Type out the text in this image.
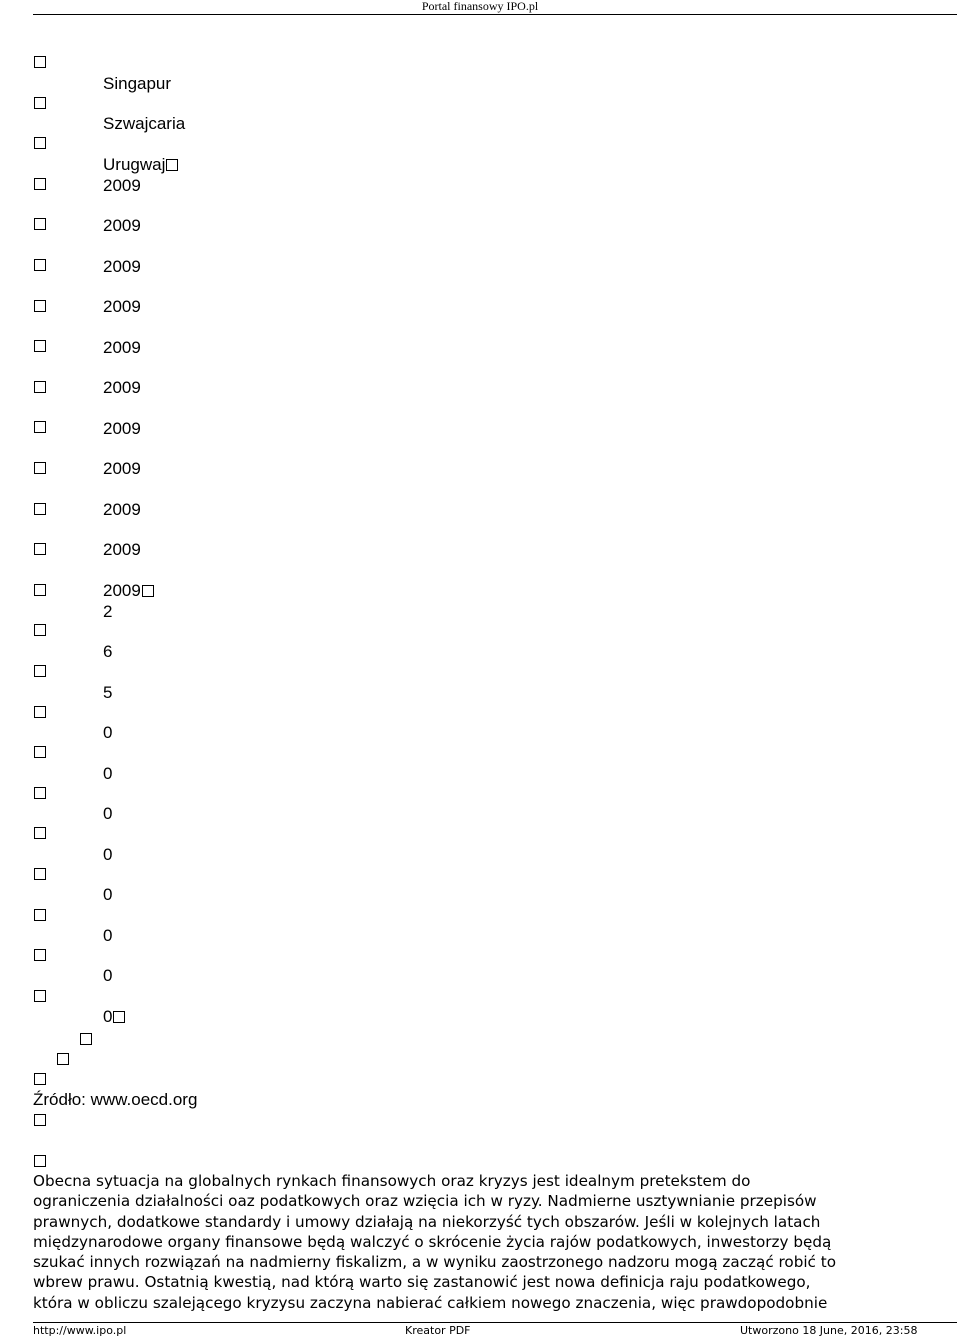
Portal finansowy IPO.pl
Singapur
Szwajcaria
Urugwaj
2009
2009
2009
2009
2009
2009
2009
2009
2009
2009
2009
2
6
5
0
0
0
0
0
0
0
0
Źródło: www.oecd.org
Obecna sytuacja na globalnych rynkach finansowych oraz kryzys jest idealnym pretekstem do
ograniczenia działalności oaz podatkowych oraz wzięcia ich w ryzy. Nadmierne usztywnianie przepisów
prawnych, dodatkowe standardy i umowy działają na niekorzyść tych obszarów. Jeśli w kolejnych latach
międzynarodowe organy finansowe będą walczyć o skrócenie życia rajów podatkowych, inwestorzy będą
szukać innych rozwiązań na nadmierny fiskalizm, a w wyniku zaostrzonego nadzoru mogą zacząć robić to
wbrew prawu. Ostatnią kwestią, nad którą warto się zastanowić jest nowa definicja raju podatkowego,
która w obliczu szalejącego kryzysu zaczyna nabierać całkiem nowego znaczenia, więc prawdopodobnie
http://www.ipo.pl	Kreator PDF	Utworzono 18 June, 2016, 23:58
